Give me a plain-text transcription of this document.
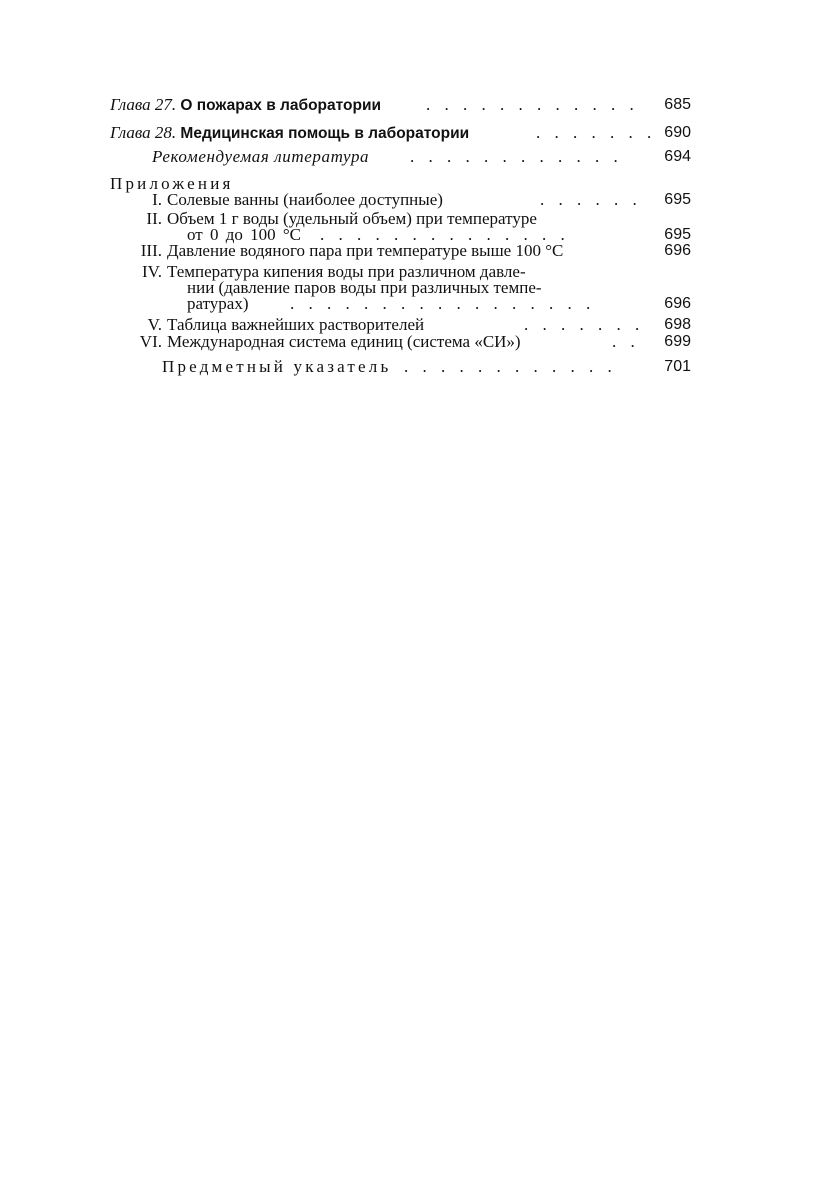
Глава 27. О пожарах в лаборатории	. . . . . . . . . . . . 685
Глава 28. Медицинская помощь в лаборатории	. . . . . . . 690
Рекомендуемая литература . . . . . . . . . . . .	694
Приложения
I. Солевые ванны (наиболее доступные)	. . . . . . 695
II. Объем 1 г воды (удельный объем) при температуре
от 0 до 100 °С . . . . . . . . . . . . . .	695
III. Давление водяного пара при температуре выше 100 °С	696
IV. Температура кипения воды при различном давле-
нии (давление паров воды при различных темпе-
ратурах) . . . . . . . . . . . . . . . . .	696
V. Таблица важнейших растворителей	. . . . . . . 698
VI. Международная система единиц (система «СИ»)	. . 699
Предметный указатель . . . . . . . . . . . .	701
